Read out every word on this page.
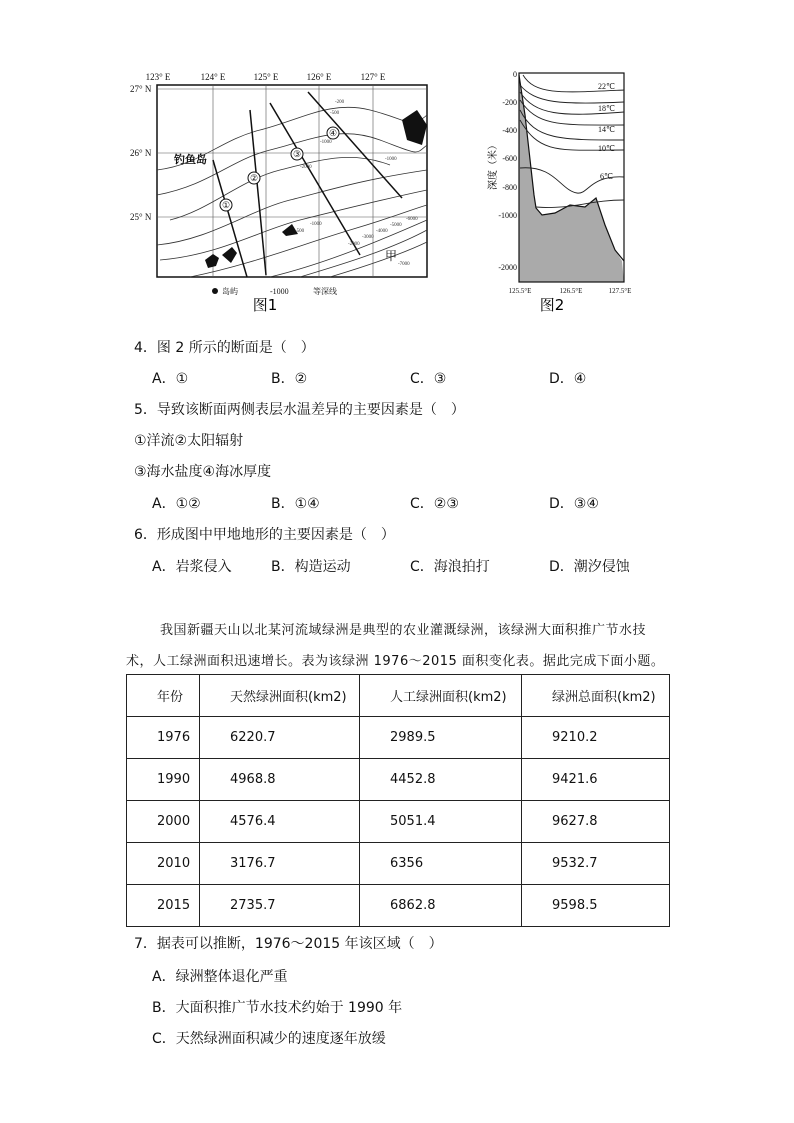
123° E	124° E	125° E	126° E	127° E
27° N
26° N
25° N
①
②
③
④
钓鱼岛
甲
-200
-500
-1000
-2000
-1000
-500
-1000
-2000
-3000
-4000
-5000
-6000
-7000
岛屿	-1000	等深线
图1
22℃
18℃
14℃
10℃
6℃
0
-200
-400
-600
-800
-1000
-2000
125.5°E	126.5°E	127.5°E
深度（米）
图2
4．图 2 所示的断面是（　）
A．①	B．②	C．③	D．④
5．导致该断面两侧表层水温差异的主要因素是（　）
①洋流②太阳辐射
③海水盐度④海冰厚度
A．①②	B．①④	C．②③	D．③④
6．形成图中甲地地形的主要因素是（　）
A．岩浆侵入	B．构造运动	C．海浪拍打	D．潮汐侵蚀
我国新疆天山以北某河流域绿洲是典型的农业灌溉绿洲，该绿洲大面积推广节水技
术，人工绿洲面积迅速增长。表为该绿洲 1976～2015 面积变化表。据此完成下面小题。
年份	天然绿洲面积(km2)	人工绿洲面积(km2)	绿洲总面积(km2)
1976	6220.7	2989.5	9210.2
1990	4968.8	4452.8	9421.6
2000	4576.4	5051.4	9627.8
2010	3176.7	6356	9532.7
2015	2735.7	6862.8	9598.5
7．据表可以推断，1976～2015 年该区域（　）
A．绿洲整体退化严重
B．大面积推广节水技术约始于 1990 年
C．天然绿洲面积减少的速度逐年放缓
